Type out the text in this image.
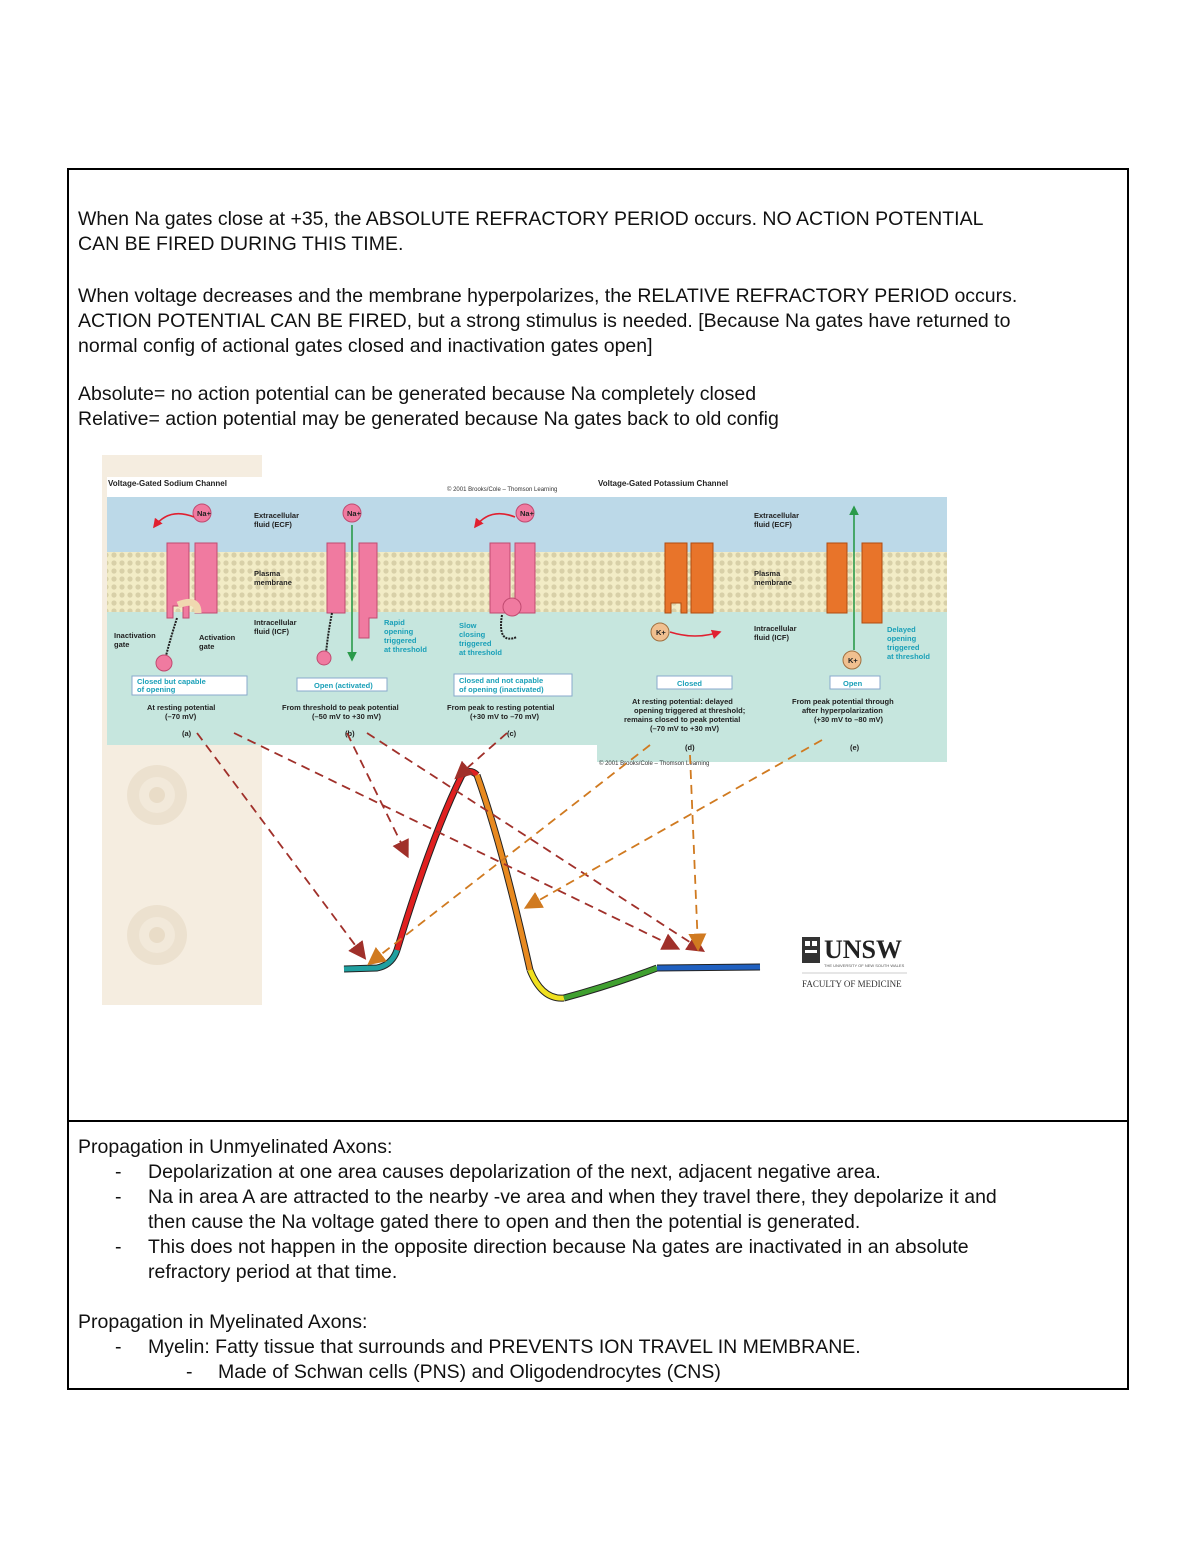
When Na gates close at +35, the ABSOLUTE REFRACTORY PERIOD occurs. NO ACTION POTENTIAL

CAN BE FIRED DURING THIS TIME.

When voltage decreases and the membrane hyperpolarizes, the RELATIVE REFRACTORY PERIOD occurs.

ACTION POTENTIAL CAN BE FIRED, but a strong stimulus is needed. [Because Na gates have returned to

normal config of actional gates closed and inactivation gates open]

Absolute= no action potential can be generated because Na completely closed

Relative= action potential may be generated because Na gates back to old config

Voltage-Gated Sodium Channel
© 2001 Brooks/Cole – Thomson Learning
Voltage-Gated Potassium Channel
© 2001 Brooks/Cole – Thomson Learning
Extracellular
fluid (ECF)
Plasma
membrane
Intracellular
fluid (ICF)
Extracellular
fluid (ECF)
Plasma
membrane
Intracellular
fluid (ICF)
Na+
Inactivation
gate
Activation
gate
Closed but capable
of opening
At resting potential
(–70 mV)
(a)
Na+
Rapid
opening
triggered
at threshold
Open (activated)
From threshold to peak potential
(–50 mV to +30 mV)
(b)
Na+
Slow
closing
triggered
at threshold
Closed and not capable
of opening (inactivated)
From peak to resting potential
(+30 mV to –70 mV)
(c)
K+
Closed
At resting potential: delayed
opening triggered at threshold;
remains closed to peak potential
(–70 mV to +30 mV)
(d)
K+
Delayed
opening
triggered
at threshold
Open
From peak potential through
after hyperpolarization
(+30 mV to –80 mV)
(e)
UNSW
THE UNIVERSITY OF NEW SOUTH WALES
FACULTY OF MEDICINE

Propagation in Unmyelinated Axons:

- Depolarization at one area causes depolarization of the next, adjacent negative area.

- Na in area A are attracted to the nearby -ve area and when they travel there, they depolarize it and

then cause the Na voltage gated there to open and then the potential is generated.

- This does not happen in the opposite direction because Na gates are inactivated in an absolute

refractory period at that time.

Propagation in Myelinated Axons:

- Myelin: Fatty tissue that surrounds and PREVENTS ION TRAVEL IN MEMBRANE.

- Made of Schwan cells (PNS) and Oligodendrocytes (CNS)
